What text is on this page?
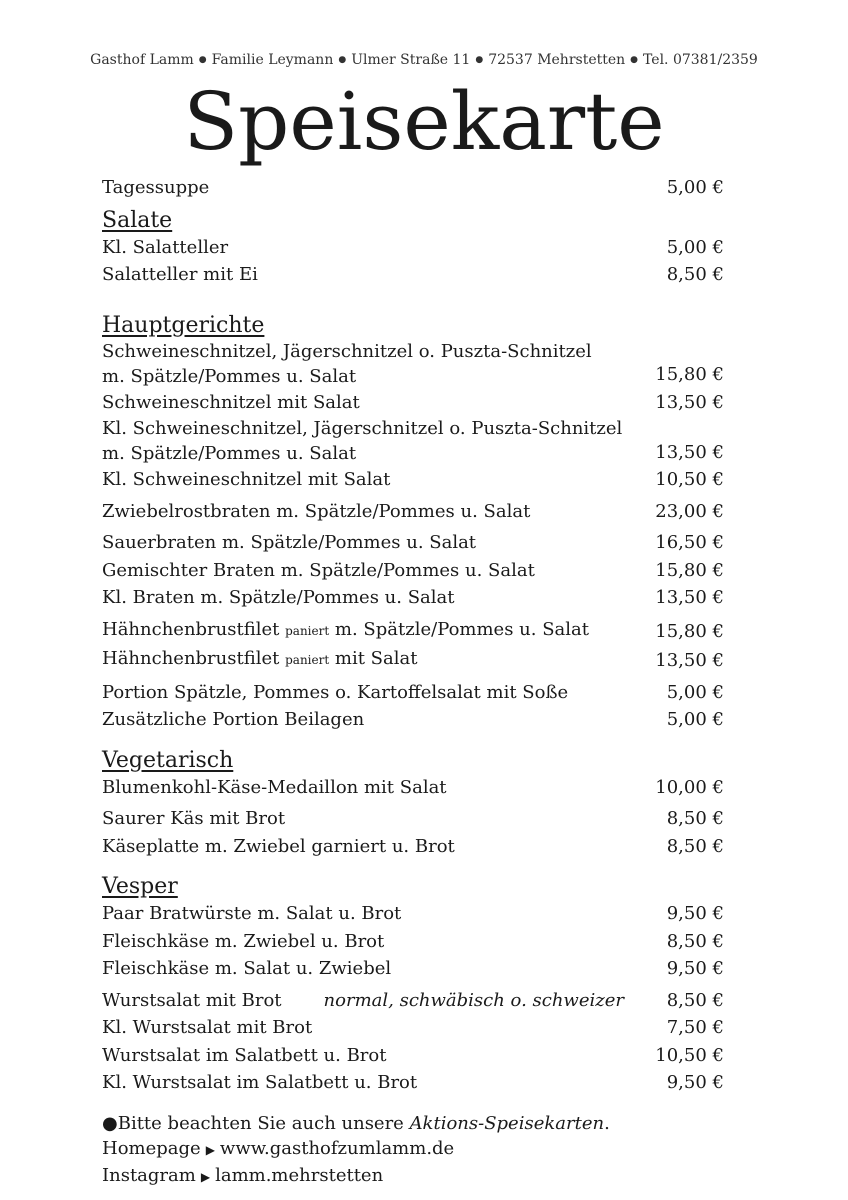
Gasthof Lamm ● Familie Leymann ● Ulmer Straße 11 ● 72537 Mehrstetten ● Tel. 07381/2359
Speisekarte
Tagessuppe	5,00 €
Salate
Kl. Salatteller	5,00 €
Salatteller mit Ei	8,50 €
Hauptgerichte
Schweineschnitzel, Jägerschnitzel o. Puszta-Schnitzel
m. Spätzle/Pommes u. Salat	15,80 €
Schweineschnitzel mit Salat	13,50 €
Kl. Schweineschnitzel, Jägerschnitzel o. Puszta-Schnitzel
m. Spätzle/Pommes u. Salat	13,50 €
Kl. Schweineschnitzel mit Salat	10,50 €
Zwiebelrostbraten m. Spätzle/Pommes u. Salat	23,00 €
Sauerbraten m. Spätzle/Pommes u. Salat	16,50 €
Gemischter Braten m. Spätzle/Pommes u. Salat	15,80 €
Kl. Braten m. Spätzle/Pommes u. Salat	13,50 €
Hähnchenbrustfilet paniert m. Spätzle/Pommes u. Salat	15,80 €
Hähnchenbrustfilet paniert mit Salat	13,50 €
Portion Spätzle, Pommes o. Kartoffelsalat mit Soße	5,00 €
Zusätzliche Portion Beilagen	5,00 €
Vegetarisch
Blumenkohl-Käse-Medaillon mit Salat	10,00 €
Saurer Käs mit Brot	8,50 €
Käseplatte m. Zwiebel garniert u. Brot	8,50 €
Vesper
Paar Bratwürste m. Salat u. Brot	9,50 €
Fleischkäse m. Zwiebel u. Brot	8,50 €
Fleischkäse m. Salat u. Zwiebel	9,50 €
Wurstsalat mit Brot normal, schwäbisch o. schweizer	8,50 €
Kl. Wurstsalat mit Brot	7,50 €
Wurstsalat im Salatbett u. Brot	10,50 €
Kl. Wurstsalat im Salatbett u. Brot	9,50 €
●Bitte beachten Sie auch unsere Aktions-Speisekarten.
Homepage ▶ www.gasthofzumlamm.de
Instagram ▶ lamm.mehrstetten
